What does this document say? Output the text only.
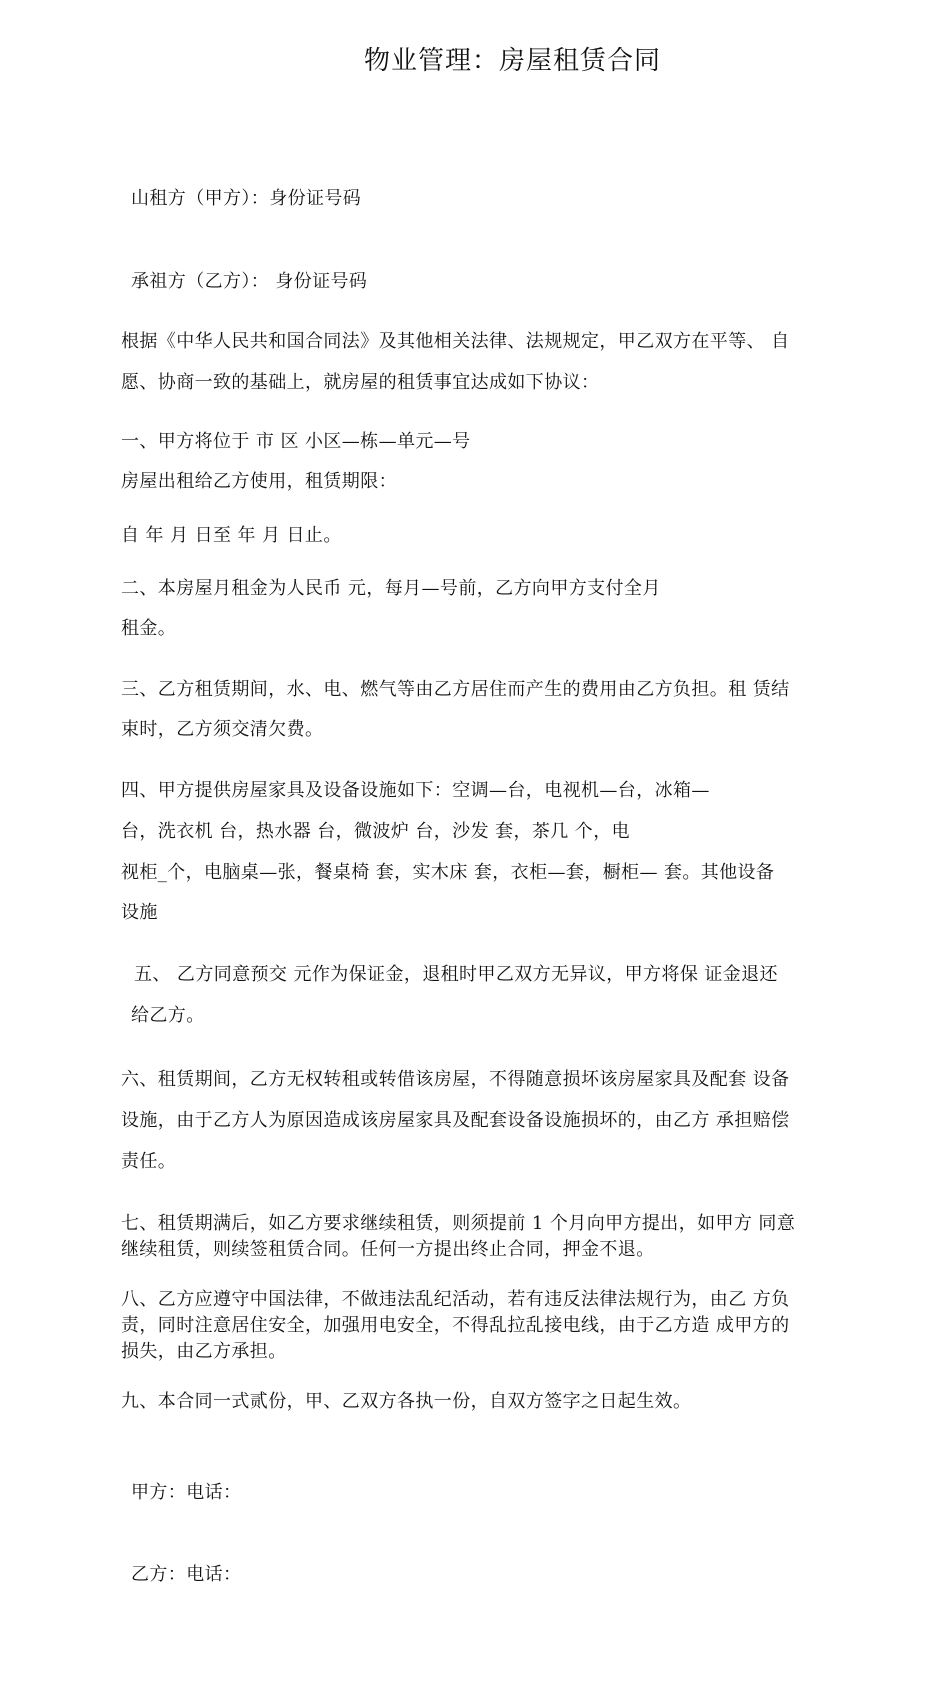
物业管理：房屋租赁合同
山租方（甲方）：身份证号码
承祖方（乙方）： 身份证号码
根据《中华人民共和国合同法》及其他相关法律、法规规定，甲乙双方在平等、 自
愿、协商一致的基础上，就房屋的租赁事宜达成如下协议：
一、甲方将位于 市 区 小区—栋—单元—号
房屋出租给乙方使用，租赁期限：
自 年 月 日至 年 月 日止。
二、本房屋月租金为人民币 元，每月—号前，乙方向甲方支付全月
租金。
三、乙方租赁期间，水、电、燃气等由乙方居住而产生的费用由乙方负担。租 赁结
束时，乙方须交清欠费。
四、甲方提供房屋家具及设备设施如下：空调—台，电视机—台，冰箱—
台，洗衣机 台，热水器 台，微波炉 台，沙发 套，茶几 个，电
视柜_个，电脑桌—张，餐桌椅 套，实木床 套，衣柜—套，橱柜— 套。其他设备
设施
五、 乙方同意预交 元作为保证金，退租时甲乙双方无异议，甲方将保 证金退还
给乙方。
六、租赁期间，乙方无权转租或转借该房屋，不得随意损坏该房屋家具及配套 设备
设施，由于乙方人为原因造成该房屋家具及配套设备设施损坏的，由乙方 承担赔偿
责任。
七、租赁期满后，如乙方要求继续租赁，则须提前 1 个月向甲方提出，如甲方 同意
继续租赁，则续签租赁合同。任何一方提出终止合同，押金不退。
八、乙方应遵守中国法律，不做违法乱纪活动，若有违反法律法规行为，由乙 方负
责，同时注意居住安全，加强用电安全，不得乱拉乱接电线，由于乙方造 成甲方的
损失，由乙方承担。
九、本合同一式贰份，甲、乙双方各执一份，自双方签字之日起生效。
甲方：电话：
乙方：电话：
